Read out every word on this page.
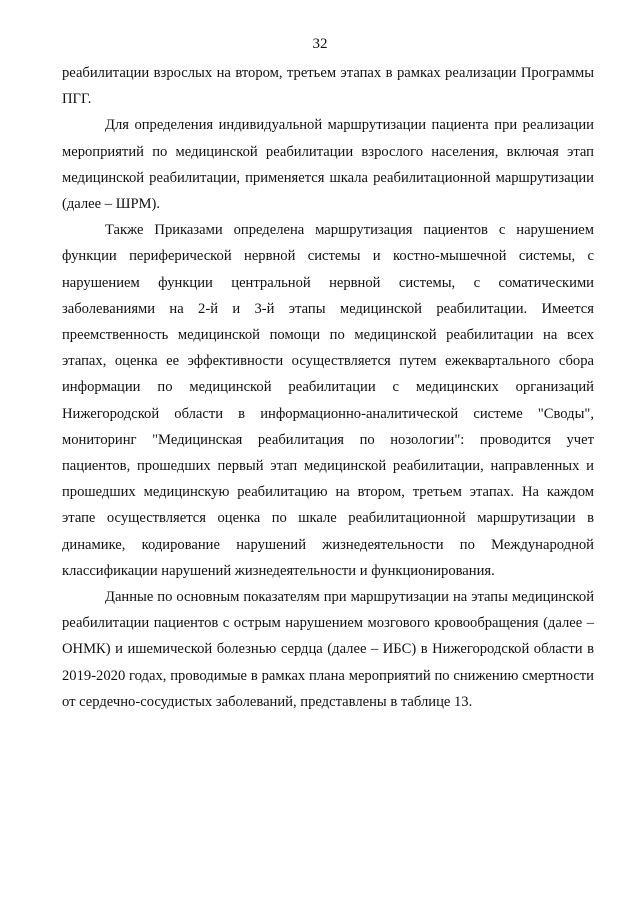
32

реабилитации взрослых на втором, третьем этапах в рамках реализации Программы ПГГ.

Для определения индивидуальной маршрутизации пациента при реализации мероприятий по медицинской реабилитации взрослого населения, включая этап медицинской реабилитации, применяется шкала реабилитационной маршрутизации (далее – ШРМ).

Также Приказами определена маршрутизация пациентов с нарушением функции периферической нервной системы и костно-мышечной системы, с нарушением функции центральной нервной системы, с соматическими заболеваниями на 2-й и 3-й этапы медицинской реабилитации. Имеется преемственность медицинской помощи по медицинской реабилитации на всех этапах, оценка ее эффективности осуществляется путем ежеквартального сбора информации по медицинской реабилитации с медицинских организаций Нижегородской области в информационно-аналитической системе "Своды", мониторинг "Медицинская реабилитация по нозологии": проводится учет пациентов, прошедших первый этап медицинской реабилитации, направленных и прошедших медицинскую реабилитацию на втором, третьем этапах. На каждом этапе осуществляется оценка по шкале реабилитационной маршрутизации в динамике, кодирование нарушений жизнедеятельности по Международной классификации нарушений жизнедеятельности и функционирования.

Данные по основным показателям при маршрутизации на этапы медицинской реабилитации пациентов с острым нарушением мозгового кровообращения (далее – ОНМК) и ишемической болезнью сердца (далее – ИБС) в Нижегородской области в 2019-2020 годах, проводимые в рамках плана мероприятий по снижению смертности от сердечно-сосудистых заболеваний, представлены в таблице 13.
